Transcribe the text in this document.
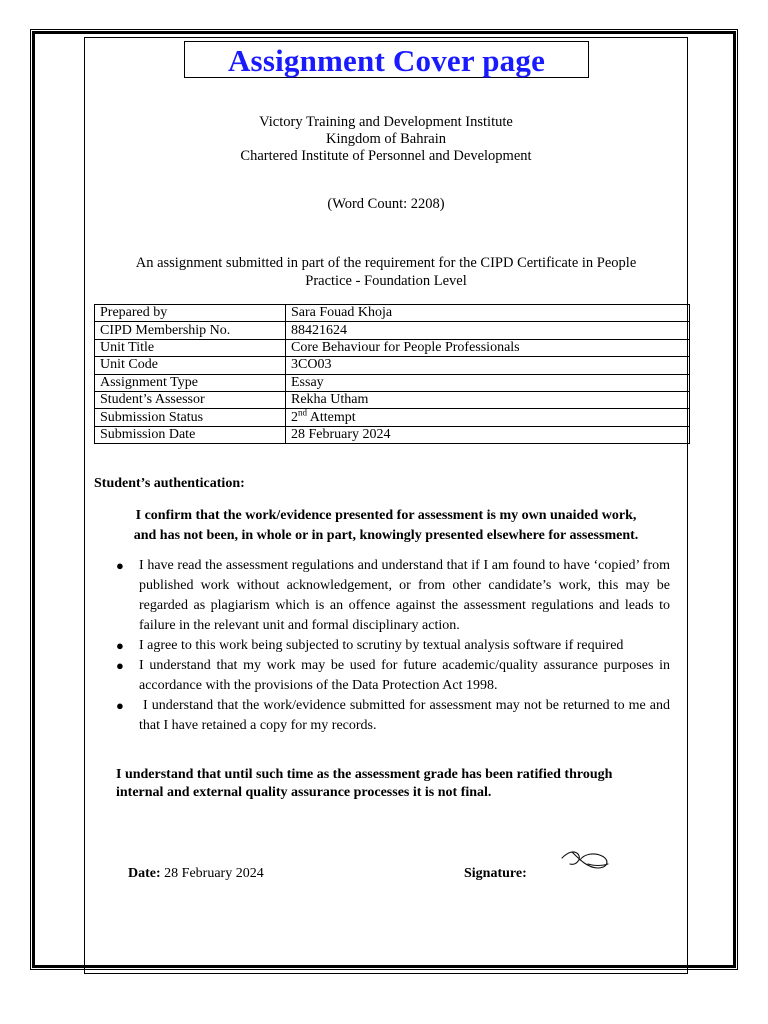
Assignment Cover page
Victory Training and Development Institute
Kingdom of Bahrain
Chartered Institute of Personnel and Development
(Word Count: 2208)
An assignment submitted in part of the requirement for the CIPD Certificate in People
Practice - Foundation Level
Prepared by	Sara Fouad Khoja
CIPD Membership No.	88421624
Unit Title	Core Behaviour for People Professionals
Unit Code	3CO03
Assignment Type	Essay
Student’s Assessor	Rekha Utham
Submission Status	2nd Attempt
Submission Date	28 February 2024
Student’s authentication:
I confirm that the work/evidence presented for assessment is my own unaided work,
and has not been, in whole or in part, knowingly presented elsewhere for assessment.
● I have read the assessment regulations and understand that if I am found to have ‘copied’ from published work without acknowledgement, or from other candidate’s work, this may be regarded as plagiarism which is an offence against the assessment regulations and leads to failure in the relevant unit and formal disciplinary action.
● I agree to this work being subjected to scrutiny by textual analysis software if required
● I understand that my work may be used for future academic/quality assurance purposes in accordance with the provisions of the Data Protection Act 1998.
● I understand that the work/evidence submitted for assessment may not be returned to me and that I have retained a copy for my records.
I understand that until such time as the assessment grade has been ratified through
internal and external quality assurance processes it is not final.
Date: 28 February 2024	Signature:
